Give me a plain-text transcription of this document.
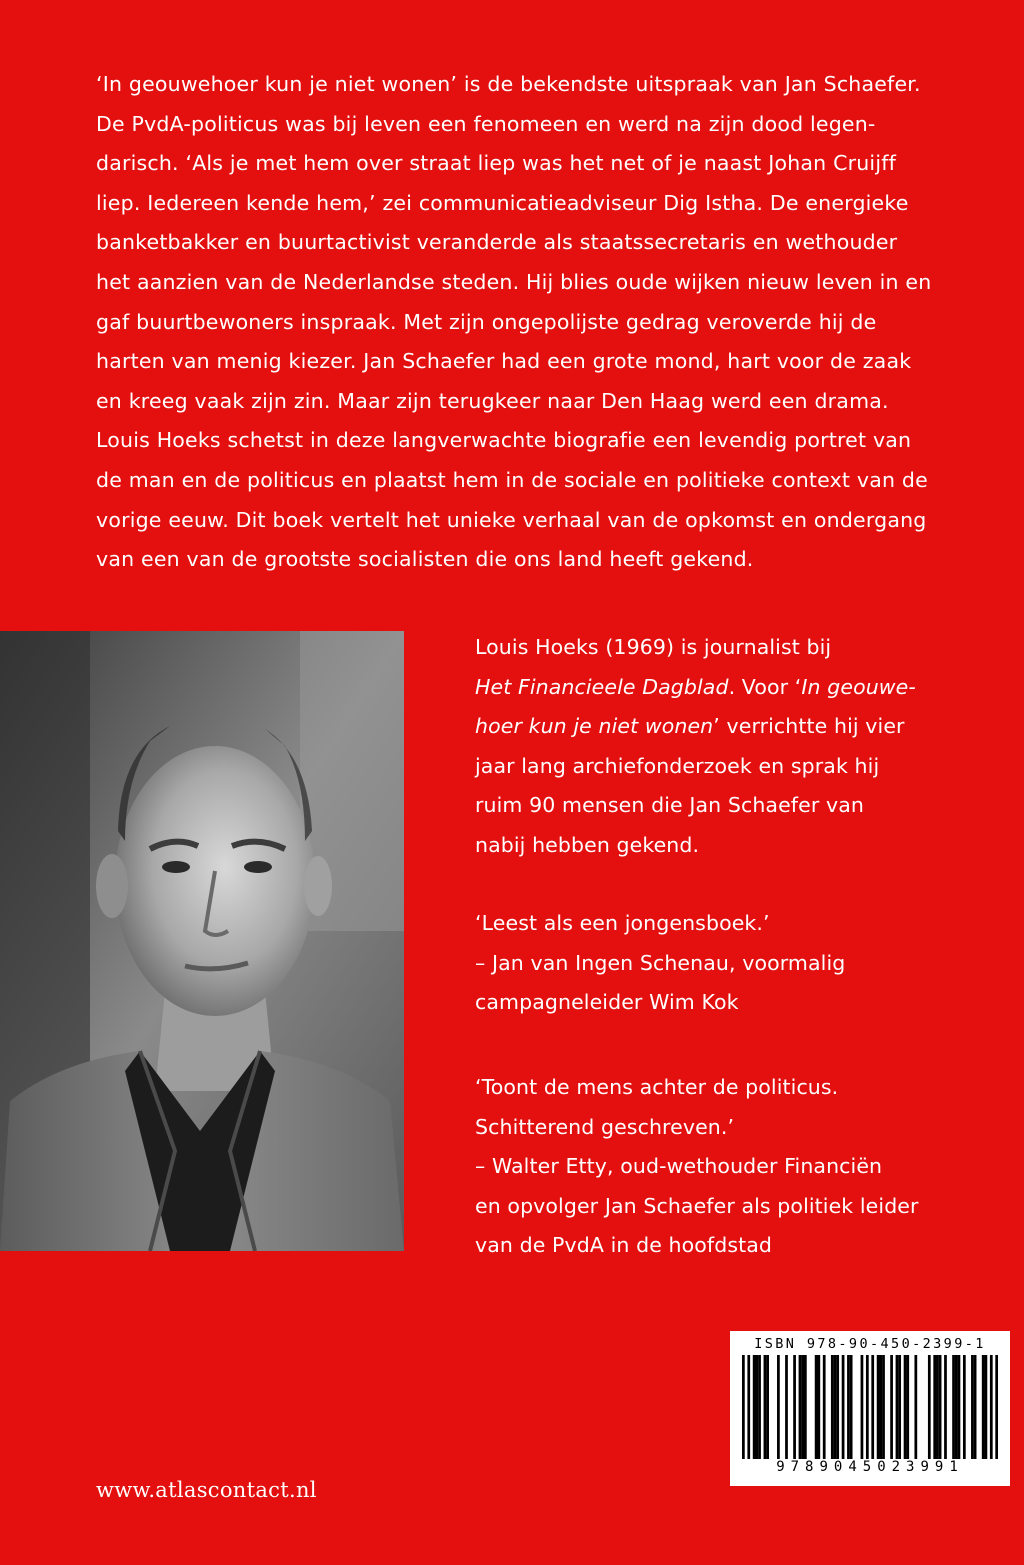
‘In geouwehoer kun je niet wonen’ is de bekendste uitspraak van Jan Schaefer.
De PvdA-politicus was bij leven een fenomeen en werd na zijn dood legen-
darisch. ‘Als je met hem over straat liep was het net of je naast Johan Cruijff
liep. Iedereen kende hem,’ zei communicatieadviseur Dig Istha. De energieke
banketbakker en buurtactivist veranderde als staatssecretaris en wethouder
het aanzien van de Nederlandse steden. Hij blies oude wijken nieuw leven in en
gaf buurtbewoners inspraak. Met zijn ongepolijste gedrag veroverde hij de
harten van menig kiezer. Jan Schaefer had een grote mond, hart voor de zaak
en kreeg vaak zijn zin. Maar zijn terugkeer naar Den Haag werd een drama.
Louis Hoeks schetst in deze langverwachte biografie een levendig portret van
de man en de politicus en plaatst hem in de sociale en politieke context van de
vorige eeuw. Dit boek vertelt het unieke verhaal van de opkomst en ondergang
van een van de grootste socialisten die ons land heeft gekend.

Louis Hoeks (1969) is journalist bij
Het Financieele Dagblad. Voor ‘In geouwe-
hoer kun je niet wonen’ verrichtte hij vier
jaar lang archiefonderzoek en sprak hij
ruim 90 mensen die Jan Schaefer van
nabij hebben gekend.

‘Leest als een jongensboek.’
– Jan van Ingen Schenau, voormalig
campagneleider Wim Kok

‘Toont de mens achter de politicus.
Schitterend geschreven.’
– Walter Etty, oud-wethouder Financiën
en opvolger Jan Schaefer als politiek leider
van de PvdA in de hoofdstad

www.atlascontact.nl
ISBN 978-90-450-2399-1
9789045023991
